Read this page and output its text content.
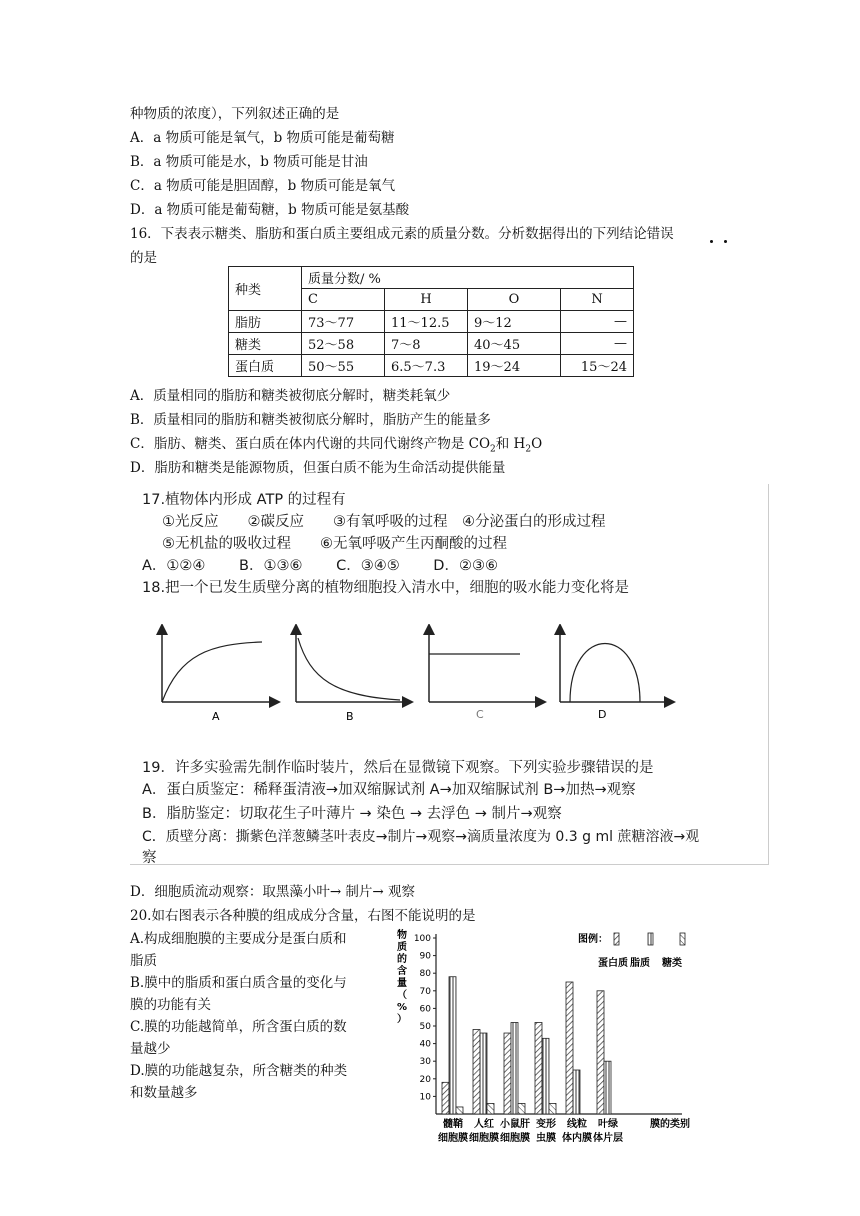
种物质的浓度），下列叙述正确的是
A．a 物质可能是氧气，b 物质可能是葡萄糖
B．a 物质可能是水，b 物质可能是甘油
C．a 物质可能是胆固醇，b 物质可能是氧气
D．a 物质可能是葡萄糖，b 物质可能是氨基酸
16．下表表示糖类、脂肪和蛋白质主要组成元素的质量分数。分析数据得出的下列结论错误
的是
种类	质量分数/ %			
	C	H	O	N
脂肪	73～77	11～12.5	9～12	—
糖类	52～58	7～8	40～45	—
蛋白质	50～55	6.5～7.3	19～24	15～24
A．质量相同的脂肪和糖类被彻底分解时，糖类耗氧少
B．质量相同的脂肪和糖类被彻底分解时，脂肪产生的能量多
C．脂肪、糖类、蛋白质在体内代谢的共同代谢终产物是 $CO_2$和 $H_2O$
D．脂肪和糖类是能源物质，但蛋白质不能为生命活动提供能量
17.植物体内形成 ATP 的过程有
①光反应　　②碳反应　　③有氧呼吸的过程　④分泌蛋白的形成过程
⑤无机盐的吸收过程　　⑥无氧呼吸产生丙酮酸的过程
A．①②④　　 B．①③⑥　　 C．③④⑤　　 D．②③⑥
18.把一个已发生质壁分离的植物细胞投入清水中，细胞的吸水能力变化将是
A	B	C	D
19．许多实验需先制作临时装片，然后在显微镜下观察。下列实验步骤错误的是
A．蛋白质鉴定：稀释蛋清液→加双缩脲试剂 A→加双缩脲试剂 B→加热→观察
B．脂肪鉴定：切取花生子叶薄片 → 染色 → 去浮色 → 制片→观察
C．质壁分离：撕紫色洋葱鳞茎叶表皮→制片→观察→滴质量浓度为 0.3 g ml 蔗糖溶液→观
察
D．细胞质流动观察：取黑藻小叶→ 制片→ 观察
20.如右图表示各种膜的组成成分含量，右图不能说明的是
A.构成细胞膜的主要成分是蛋白质和
脂质
B.膜中的脂质和蛋白质含量的变化与
膜的功能有关
C.膜的功能越简单，所含蛋白质的数
量越少
D.膜的功能越复杂，所含糖类的种类
和数量越多
物
质
的
含
量
（
%
）
10
20
30
40
50
60
70
80
90
100
髓鞘
细胞膜
人红
细胞膜
小鼠肝
细胞膜
变形
虫膜
线粒
体内膜
叶绿
体片层
膜的类别
图例：
蛋白质 脂质 糖类
